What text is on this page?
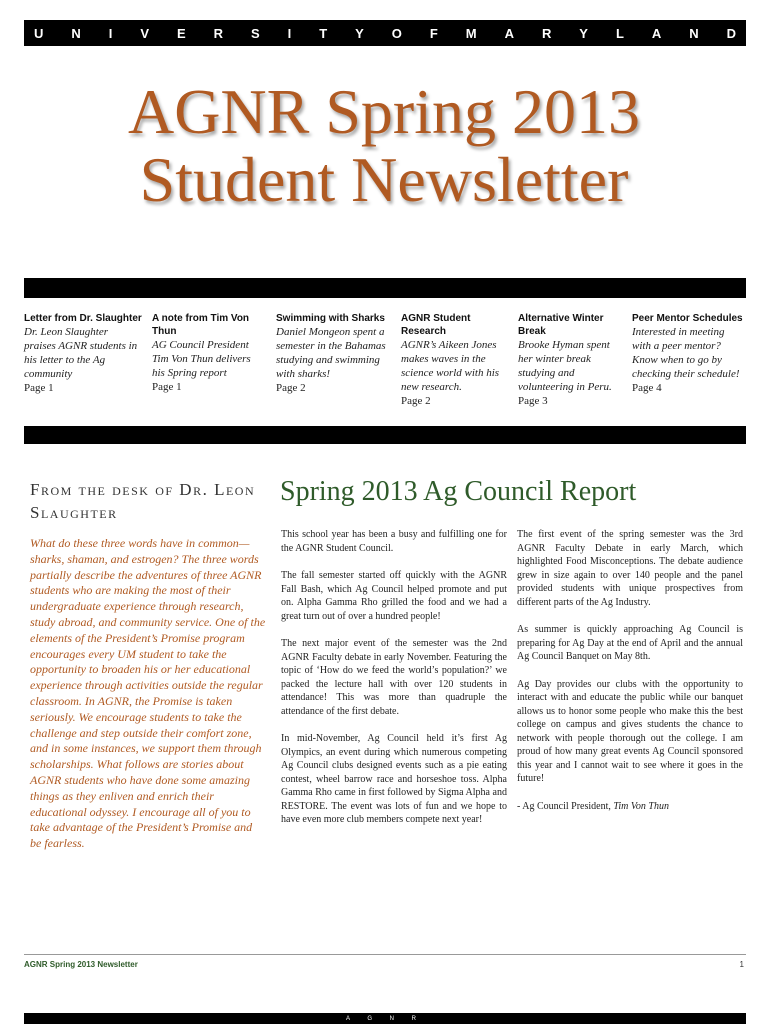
U N I V E R S I T Y O F M A R Y L A N D
AGNR Spring 2013
Student Newsletter
Letter from Dr. Slaughter
Dr. Leon Slaughter praises AGNR students in his letter to the Ag community
Page 1
A note from Tim Von Thun
AG Council President Tim Von Thun delivers his Spring report
Page 1
Swimming with Sharks
Daniel Mongeon spent a semester in the Bahamas studying and swimming with sharks!
Page 2
AGNR Student Research
AGNR’s Aikeen Jones makes waves in the science world with his new research.
Page 2
Alternative Winter Break
Brooke Hyman spent her winter break studying and volunteering in Peru.
Page 3
Peer Mentor Schedules
Interested in meeting with a peer mentor? Know when to go by checking their schedule!
Page 4
From the desk of Dr. Leon Slaughter
What do these three words have in common—sharks, shaman, and estrogen? The three words partially describe the adventures of three AGNR students who are making the most of their undergraduate experience through research, study abroad, and community service. One of the elements of the President’s Promise program encourages every UM student to take the opportunity to broaden his or her educational experience through activities outside the regular classroom. In AGNR, the Promise is taken seriously. We encourage students to take the challenge and step outside their comfort zone, and in some instances, we support them through scholarships. What follows are stories about AGNR students who have done some amazing things as they enliven and enrich their educational odyssey. I encourage all of you to take advantage of the President’s Promise and be fearless.
Spring 2013 Ag Council Report

This school year has been a busy and fulfilling one for the AGNR Student Council.

The fall semester started off quickly with the AGNR Fall Bash, which Ag Council helped promote and put on. Alpha Gamma Rho grilled the food and we had a great turn out of over a hundred people!

The next major event of the semester was the 2nd AGNR Faculty debate in early November. Featuring the topic of ‘How do we feed the world’s population?’ we packed the lecture hall with over 120 students in attendance! This was more than quadruple the attendance of the first debate.

In mid-November, Ag Council held it’s first Ag Olympics, an event during which numerous competing Ag Council clubs designed events such as a pie eating contest, wheel barrow race and horseshoe toss. Alpha Gamma Rho came in first followed by Sigma Alpha and RESTORE. The event was lots of fun and we hope to have even more club members compete next year!

The first event of the spring semester was the 3rd AGNR Faculty Debate in early March, which highlighted Food Misconceptions. The debate audience grew in size again to over 140 people and the panel provided students with unique prospectives from different parts of the Ag Industry.

As summer is quickly approaching Ag Council is preparing for Ag Day at the end of April and the annual Ag Council Banquet on May 8th.

Ag Day provides our clubs with the opportunity to interact with and educate the public while our banquet allows us to honor some people who make this the best college on campus and gives students the chance to network with people thorough out the college. I am proud of how many great events Ag Council sponsored this year and I cannot wait to see where it goes in the future!

- Ag Council President, Tim Von Thun

AGNR Spring 2013 Newsletter	1
A G N R
